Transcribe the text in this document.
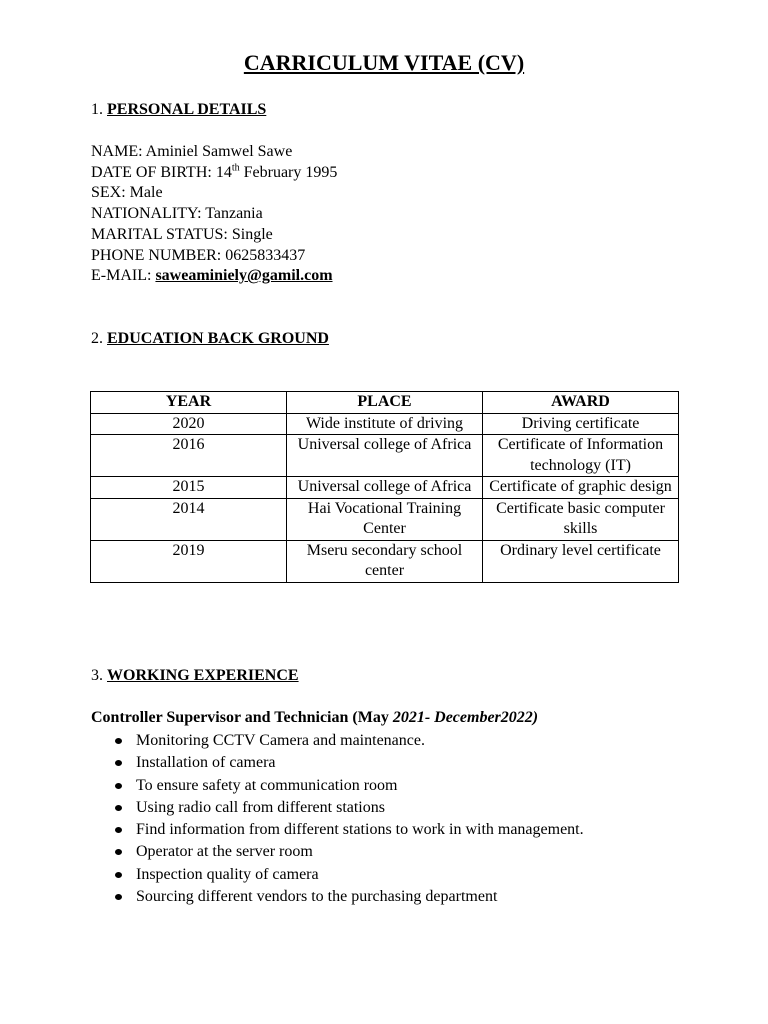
CARRICULUM VITAE (CV)
1. PERSONAL DETAILS
NAME: Aminiel Samwel Sawe
DATE OF BIRTH: 14th February 1995
SEX: Male
NATIONALITY: Tanzania
MARITAL STATUS: Single
PHONE NUMBER: 0625833437
E-MAIL: saweaminiely@gamil.com
2. EDUCATION BACK GROUND
YEAR	PLACE	AWARD
2020	Wide institute of driving	Driving certificate
2016	Universal college of Africa	Certificate of Information technology (IT)
2015	Universal college of Africa	Certificate of graphic design
2014	Hai Vocational Training Center	Certificate basic computer skills
2019	Mseru secondary school center	Ordinary level certificate
3. WORKING EXPERIENCE
Controller Supervisor and Technician (May 2021- December2022)
Monitoring CCTV Camera and maintenance.
Installation of camera
To ensure safety at communication room
Using radio call from different stations
Find information from different stations to work in with management.
Operator at the server room
Inspection quality of camera
Sourcing different vendors to the purchasing department
